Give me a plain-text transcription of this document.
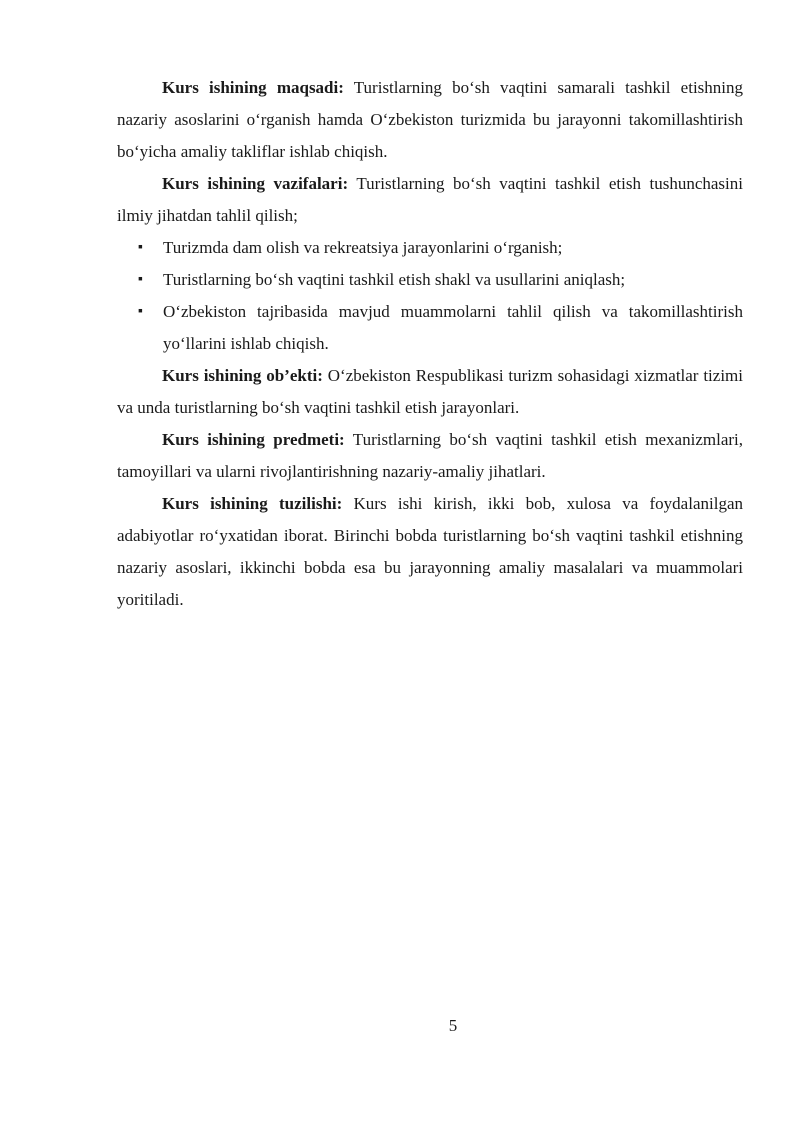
Kurs ishining maqsadi: Turistlarning bo‘sh vaqtini samarali tashkil etishning nazariy asoslarini o‘rganish hamda O‘zbekiston turizmida bu jarayonni takomillashtirish bo‘yicha amaliy takliflar ishlab chiqish.

Kurs ishining vazifalari: Turistlarning bo‘sh vaqtini tashkil etish tushunchasini ilmiy jihatdan tahlil qilish;

▪ Turizmda dam olish va rekreatsiya jarayonlarini o‘rganish;
▪ Turistlarning bo‘sh vaqtini tashkil etish shakl va usullarini aniqlash;
▪ O‘zbekiston tajribasida mavjud muammolarni tahlil qilish va takomillashtirish yo‘llarini ishlab chiqish.

Kurs ishining ob’ekti: O‘zbekiston Respublikasi turizm sohasidagi xizmatlar tizimi va unda turistlarning bo‘sh vaqtini tashkil etish jarayonlari.

Kurs ishining predmeti: Turistlarning bo‘sh vaqtini tashkil etish mexanizmlari, tamoyillari va ularni rivojlantirishning nazariy-amaliy jihatlari.

Kurs ishining tuzilishi: Kurs ishi kirish, ikki bob, xulosa va foydalanilgan adabiyotlar ro‘yxatidan iborat. Birinchi bobda turistlarning bo‘sh vaqtini tashkil etishning nazariy asoslari, ikkinchi bobda esa bu jarayonning amaliy masalalari va muammolari yoritiladi.

5
